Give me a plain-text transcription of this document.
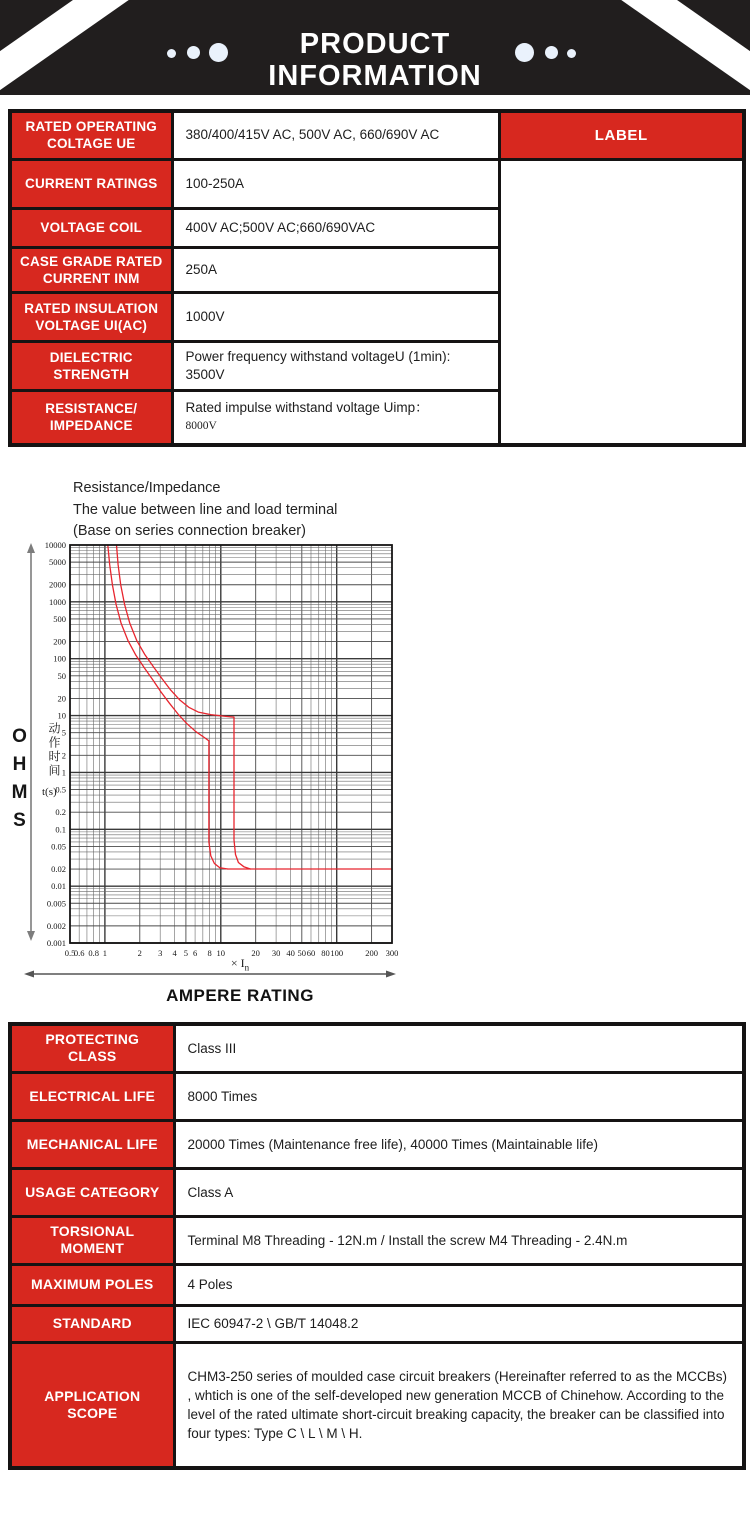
PRODUCT
INFORMATION
RATED OPERATING COLTAGE UE	380/400/415V AC, 500V AC, 660/690V AC	LABEL
CURRENT RATINGS	100-250A	
VOLTAGE COIL	400V AC;500V AC;660/690VAC	
CASE GRADE RATED CURRENT INM	250A	
RATED INSULATION VOLTAGE UI(AC)	1000V	
DIELECTRIC STRENGTH	Power frequency withstand voltageU (1min):
3500V	

RESISTANCE/ IMPEDANCE	Rated impulse withstand voltage Uimp：
8000V	
Resistance/Impedance
The value between line and load terminal
(Base on series connection breaker)
10000
5000
2000
1000
500
200
100
50
20
10
5
2
1
0.5
0.2
0.1
0.05
0.02
0.01
0.005
0.002
0.001
0.5
0.6 0.8 1	2 3 4 5 6 8 10	20 30 40 50 60 80 100	200 300
OHMS 动作时间
t(s)
× $I_n$
AMPERE RATING
PROTECTING CLASS	Class III
ELECTRICAL LIFE	8000 Times
MECHANICAL LIFE	20000 Times (Maintenance free life), 40000 Times (Maintainable life)
USAGE CATEGORY	Class A
TORSIONAL MOMENT	Terminal M8 Threading - 12N.m / Install the screw M4 Threading - 2.4N.m
MAXIMUM POLES	4 Poles
STANDARD	IEC 60947-2 \ GB/T 14048.2
APPLICATION SCOPE	CHM3-250 series of moulded case circuit breakers (Hereinafter referred to as the MCCBs) , whtich is one of the self-developed new generation MCCB of Chinehow. According to the level of the rated ultimate short-circuit breaking capacity, the breaker can be classified into four types: Type C \ L \ M \ H.
